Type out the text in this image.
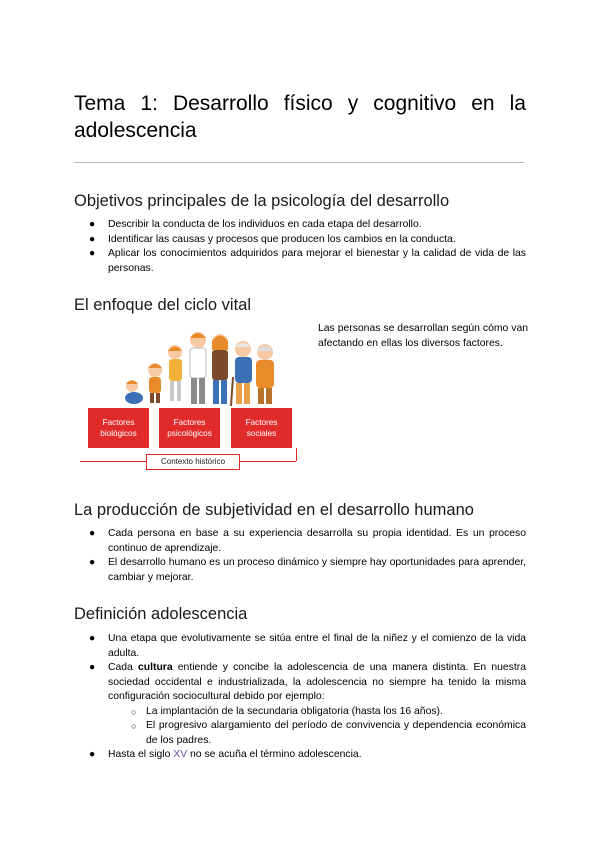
Tema 1: Desarrollo físico y cognitivo en la adolescencia
Objetivos principales de la psicología del desarrollo
● Describir la conducta de los individuos en cada etapa del desarrollo.
● Identificar las causas y procesos que producen los cambios en la conducta.
● Aplicar los conocimientos adquiridos para mejorar el bienestar y la calidad de vida de las personas.
El enfoque del ciclo vital
Factores
biológicos
Factores
psicológicos
Factores
sociales
Contexto histórico
Las personas se desarrollan según cómo van afectando en ellas los diversos factores.
La producción de subjetividad en el desarrollo humano
● Cada persona en base a su experiencia desarrolla su propia identidad. Es un proceso continuo de aprendizaje.
● El desarrollo humano es un proceso dinámico y siempre hay oportunidades para aprender, cambiar y mejorar.
Definición adolescencia
● Una etapa que evolutivamente se sitúa entre el final de la niñez y el comienzo de la vida adulta.
● Cada cultura entiende y concibe la adolescencia de una manera distinta. En nuestra sociedad occidental e industrializada, la adolescencia no siempre ha tenido la misma configuración sociocultural debido por ejemplo:
○ La implantación de la secundaria obligatoria (hasta los 16 años).
○ El progresivo alargamiento del período de convivencia y dependencia económica de los padres.
● Hasta el siglo XV no se acuña el término adolescencia.
